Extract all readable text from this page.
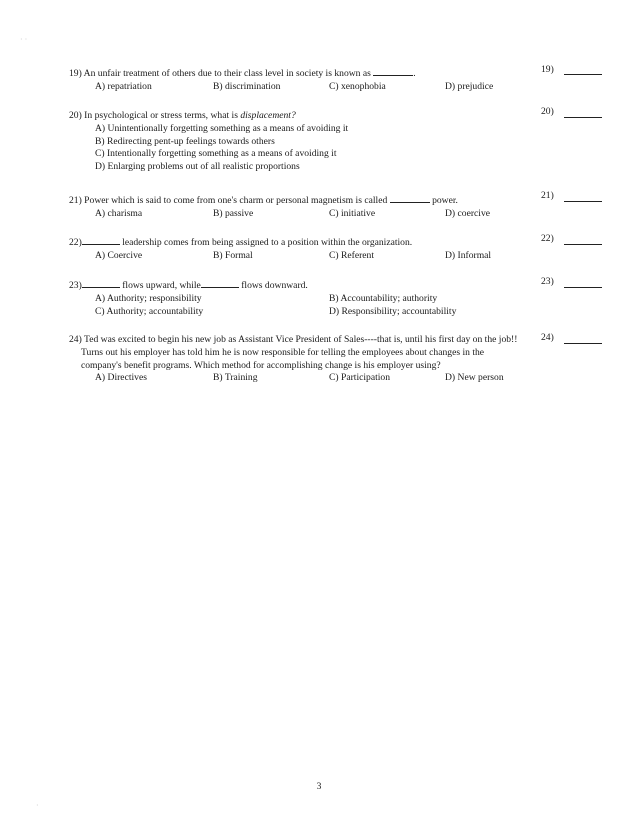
· ·
·
19) An unfair treatment of others due to their class level in society is known as	.
A) repatriation	B) discrimination	C) xenophobia	D) prejudice
19)
20) In psychological or stress terms, what is displacement?
A) Unintentionally forgetting something as a means of avoiding it
B) Redirecting pent-up feelings towards others
C) Intentionally forgetting something as a means of avoiding it
D) Enlarging problems out of all realistic proportions
20)
21) Power which is said to come from one's charm or personal magnetism is called	power.
A) charisma	B) passive	C) initiative	D) coercive
21)
22)	leadership comes from being assigned to a position within the organization.
A) Coercive	B) Formal	C) Referent	D) Informal
22)
23)	flows upward, while	flows downward.
A) Authority; responsibility	B) Accountability; authority
C) Authority; accountability	D) Responsibility; accountability
23)
24) Ted was excited to begin his new job as Assistant Vice President of Sales----that is, until his first day on the job!! Turns out his employer has told him he is now responsible for telling the employees about changes in the company's benefit programs. Which method for accomplishing change is his employer using?
A) Directives	B) Training	C) Participation	D) New person
24)
3
